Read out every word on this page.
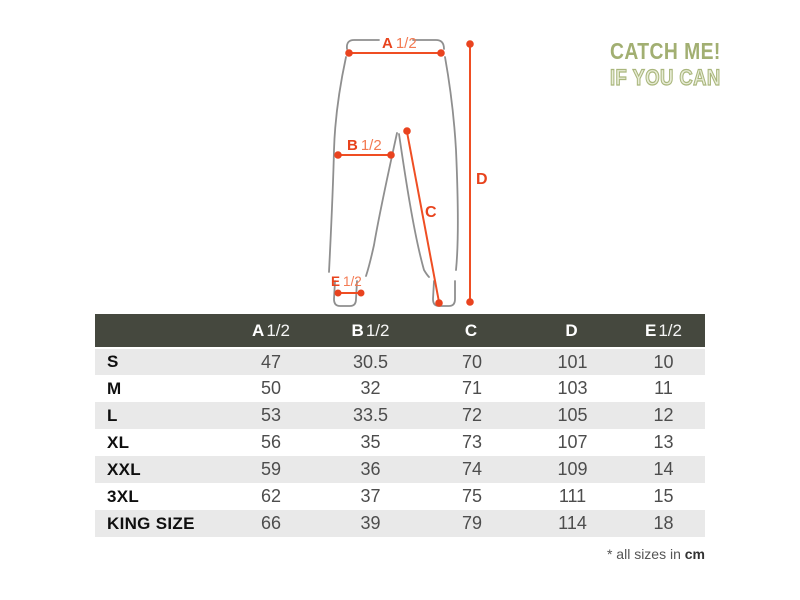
A 1/2
B 1/2
C
D
E 1/2
CATCH ME!
IF YOU CAN
	A 1/2	B 1/2	C	D	E 1/2
S	47	30.5	70	101	10
M	50	32	71	103	11
L	53	33.5	72	105	12
XL	56	35	73	107	13
XXL	59	36	74	109	14
3XL	62	37	75	111	15
KING SIZE	66	39	79	114	18
* all sizes in cm
